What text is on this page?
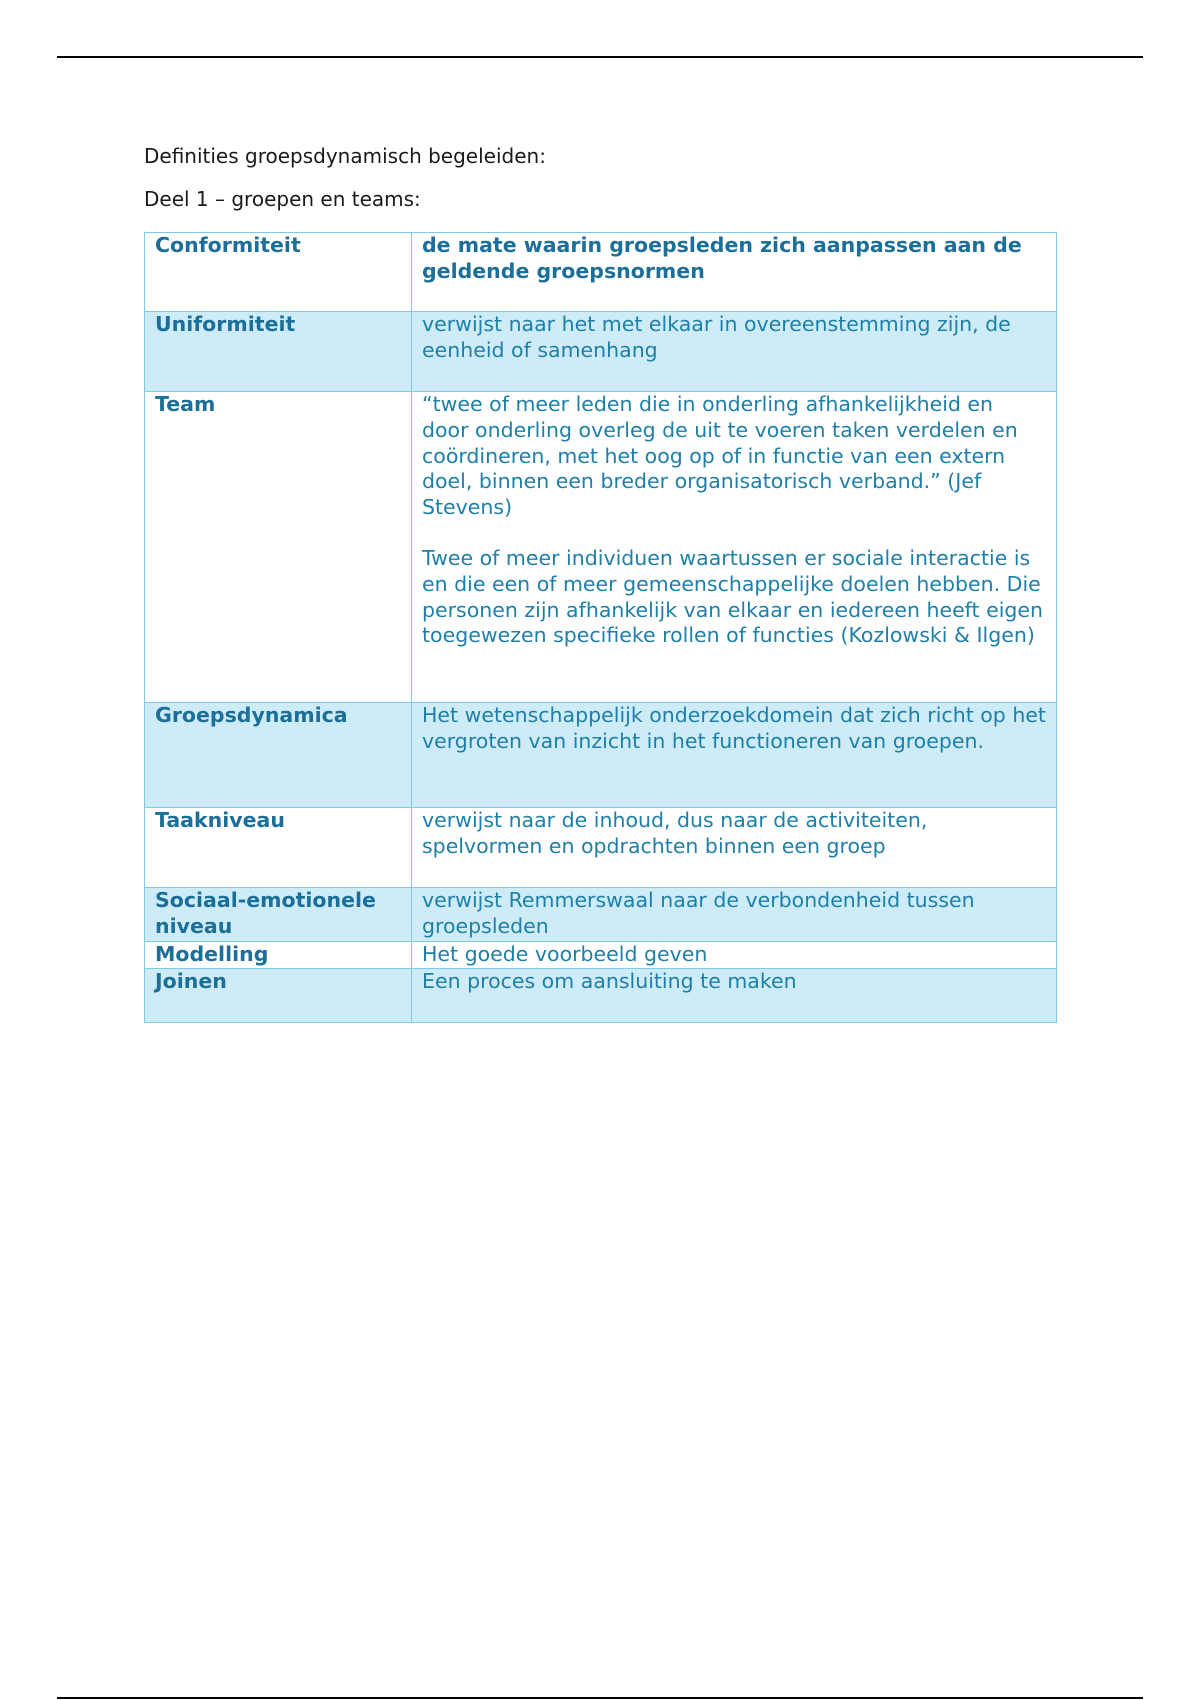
Definities groepsdynamisch begeleiden:
Deel 1 – groepen en teams:
Conformiteit	de mate waarin groepsleden zich aanpassen aan de geldende groepsnormen

Uniformiteit	verwijst naar het met elkaar in overeenstemming zijn, de eenheid of samenhang

Team	“twee of meer leden die in onderling afhankelijkheid en door onderling overleg de uit te voeren taken verdelen en coördineren, met het oog op of in functie van een extern doel, binnen een breder organisatorisch verband.” (Jef Stevens)

Twee of meer individuen waartussen er sociale interactie is en die een of meer gemeenschappelijke doelen hebben. Die personen zijn afhankelijk van elkaar en iedereen heeft eigen toegewezen specifieke rollen of functies (Kozlowski & Ilgen)

Groepsdynamica	Het wetenschappelijk onderzoekdomein dat zich richt op het vergroten van inzicht in het functioneren van groepen.

Taakniveau	verwijst naar de inhoud, dus naar de activiteiten, spelvormen en opdrachten binnen een groep

Sociaal-emotionele niveau	verwijst Remmerswaal naar de verbondenheid tussen groepsleden

Modelling	Het goede voorbeeld geven

Joinen	Een proces om aansluiting te maken
